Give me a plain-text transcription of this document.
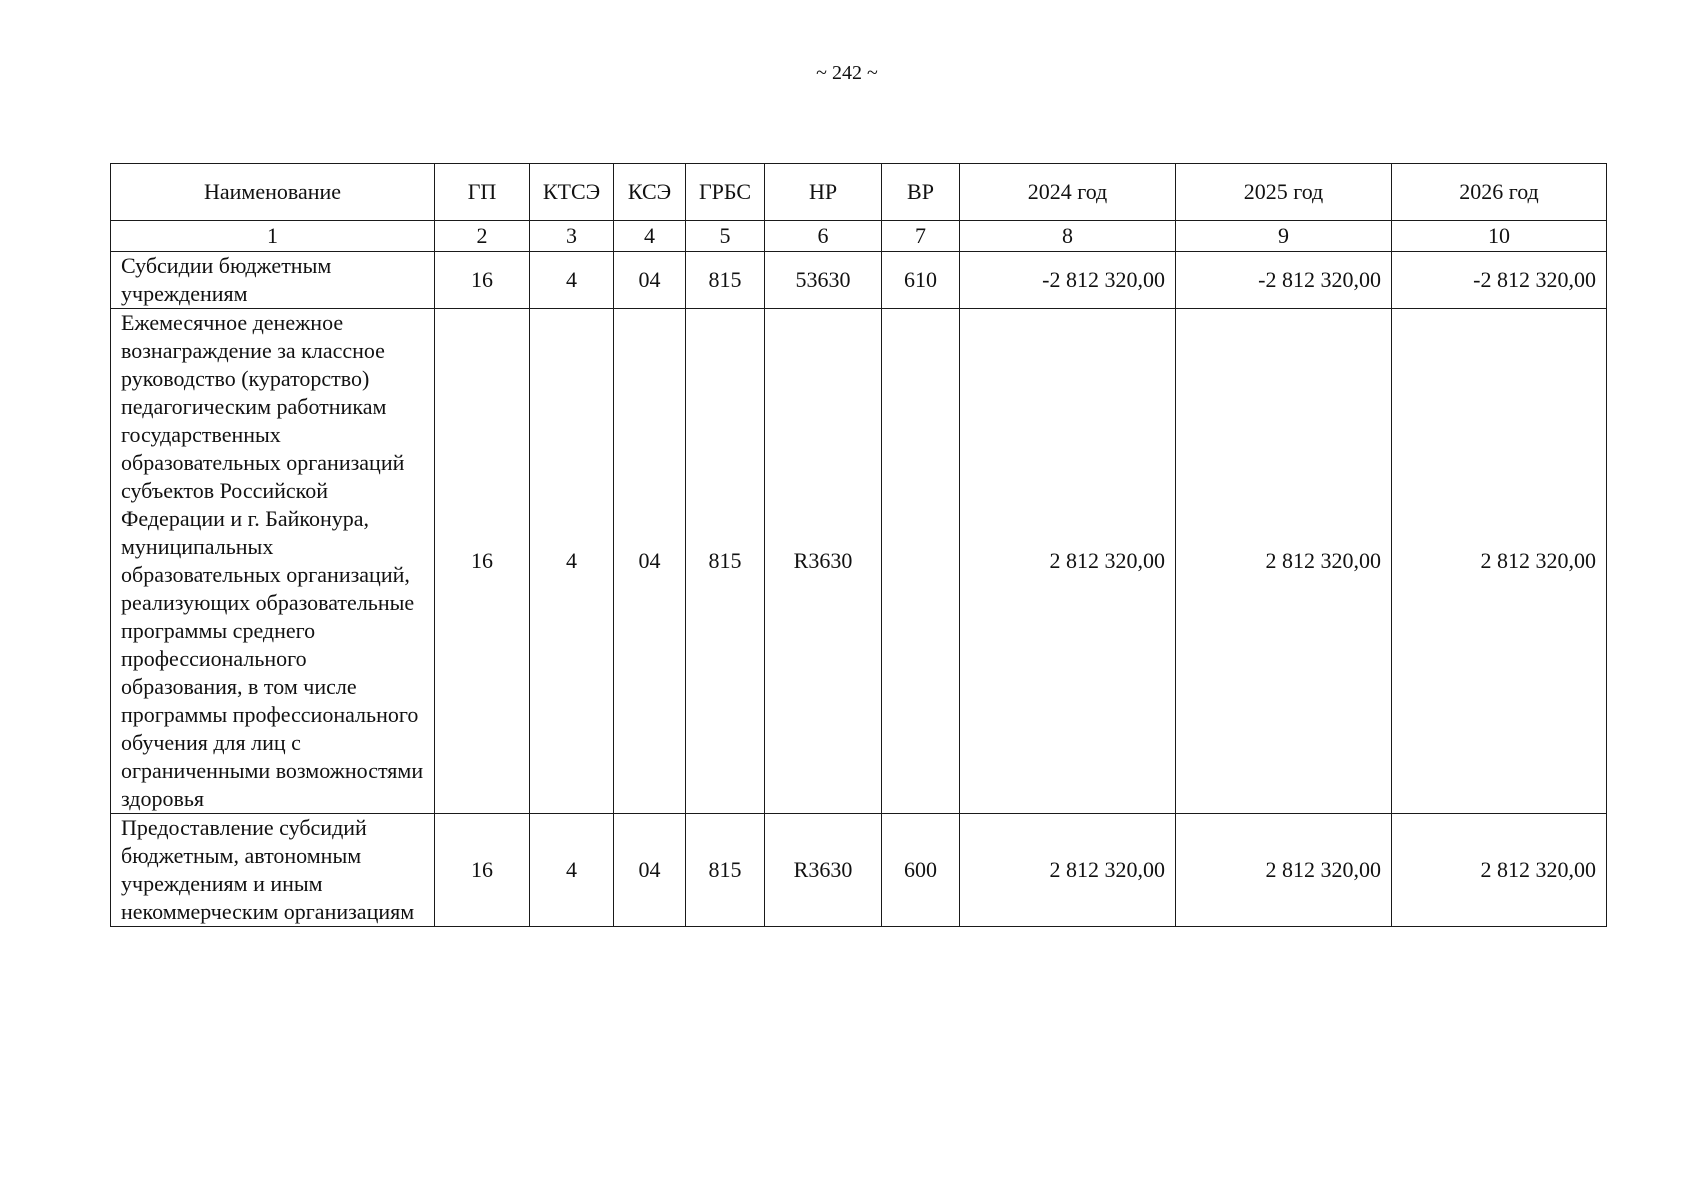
~ 242 ~
Наименование	ГП	КТСЭ	КСЭ	ГРБС	НР	ВР	2024 год	2025 год	2026 год
1	2	3	4	5	6	7	8	9	10
Субсидии бюджетным учреждениям	16	4	04	815	53630	610	-2 812 320,00	-2 812 320,00	-2 812 320,00
Ежемесячное денежное вознаграждение за классное руководство (кураторство) педагогическим работникам государственных образовательных организаций субъектов Российской Федерации и г. Байконура, муниципальных образовательных организаций, реализующих образовательные программы среднего профессионального образования, в том числе программы профессионального обучения для лиц с ограниченными возможностями здоровья	16	4	04	815	R3630		2 812 320,00	2 812 320,00	2 812 320,00
Предоставление субсидий бюджетным, автономным учреждениям и иным некоммерческим организациям	16	4	04	815	R3630	600	2 812 320,00	2 812 320,00	2 812 320,00
